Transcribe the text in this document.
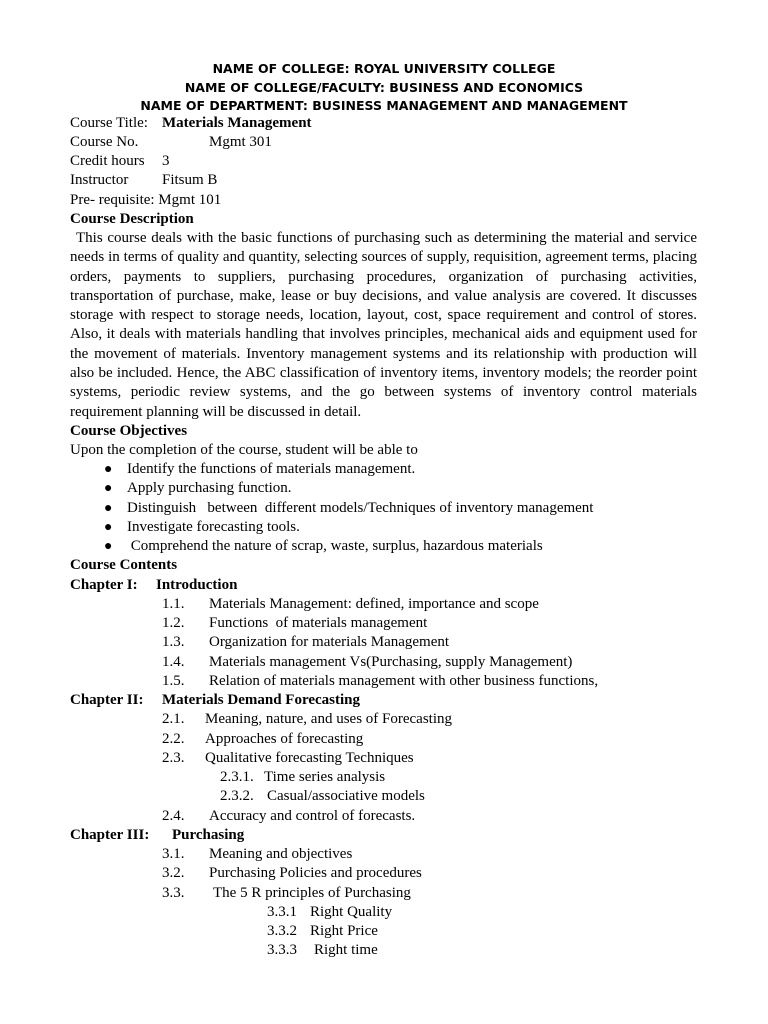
NAME OF COLLEGE: ROYAL UNIVERSITY COLLEGE
NAME OF COLLEGE/FACULTY: BUSINESS AND ECONOMICS
NAME OF DEPARTMENT: BUSINESS MANAGEMENT AND MANAGEMENT
Course Title: Materials Management
Course No.	Mgmt 301
Credit hours 3
Instructor Fitsum B
Pre- requisite: Mgmt 101
Course Description
This course deals with the basic functions of purchasing such as determining the material and service needs in terms of quality and quantity, selecting sources of supply, requisition, agreement terms, placing orders, payments to suppliers, purchasing procedures, organization of purchasing activities, transportation of purchase, make, lease or buy decisions, and value analysis are covered. It discusses storage with respect to storage needs, location, layout, cost, space requirement and control of stores. Also, it deals with materials handling that involves principles, mechanical aids and equipment used for the movement of materials. Inventory management systems and its relationship with production will also be included. Hence, the ABC classification of inventory items, inventory models; the reorder point systems, periodic review systems, and the go between systems of inventory control materials requirement planning will be discussed in detail.
Course Objectives
Upon the completion of the course, student will be able to
● Identify the functions of materials management.
● Apply purchasing function.
● Distinguish   between  different models/Techniques of inventory management
● Investigate forecasting tools.
● Comprehend the nature of scrap, waste, surplus, hazardous materials
Course Contents
Chapter I: Introduction
1.1. Materials Management: defined, importance and scope
1.2. Functions  of materials management
1.3. Organization for materials Management
1.4. Materials management Vs(Purchasing, supply Management)
1.5. Relation of materials management with other business functions,
Chapter II: Materials Demand Forecasting
2.1. Meaning, nature, and uses of Forecasting
2.2. Approaches of forecasting
2.3. Qualitative forecasting Techniques
2.3.1. Time series analysis
2.3.2. Casual/associative models
2.4. Accuracy and control of forecasts.
Chapter III: Purchasing
3.1. Meaning and objectives
3.2. Purchasing Policies and procedures
3.3. The 5 R principles of Purchasing
3.3.1 Right Quality
3.3.2 Right Price
3.3.3 Right time
